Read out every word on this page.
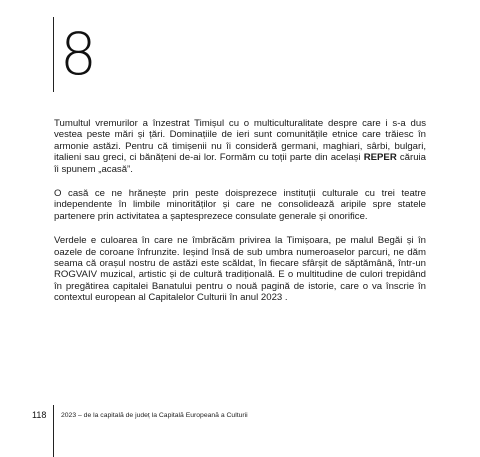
8

Tumultul vremurilor a înzestrat Timișul cu o multiculturalitate despre care i s-a dus vestea peste mări și țări. Dominațiile de ieri sunt comunitățile etnice care trăiesc în armonie astăzi. Pentru că timișenii nu îi consideră germani, maghiari, sârbi, bulgari, italieni sau greci, ci bănățeni de-ai lor. Formăm cu toții parte din același REPER căruia îi spunem „acasă”.

O casă ce ne hrănește prin peste doisprezece instituții culturale cu trei teatre independente în limbile minorităților și care ne consolidează aripile spre statele partenere prin activitatea a șaptesprezece consulate generale și onorifice.

Verdele e culoarea în care ne îmbrăcăm privirea la Timișoara, pe malul Begăi și în oazele de coroane înfrunzite. Ieșind însă de sub umbra numeroaselor parcuri, ne dăm seama că orașul nostru de astăzi este scăldat, în fiecare sfârșit de săptămână, într-un ROGVAIV muzical, artistic și de cultură tradițională. E o multitudine de culori trepidând în pregătirea capitalei Banatului pentru o nouă pagină de istorie, care o va înscrie în contextul european al Capitalelor Culturii în anul 2023 .

118 2023 – de la capitală de județ la Capitală Europeană a Culturii
